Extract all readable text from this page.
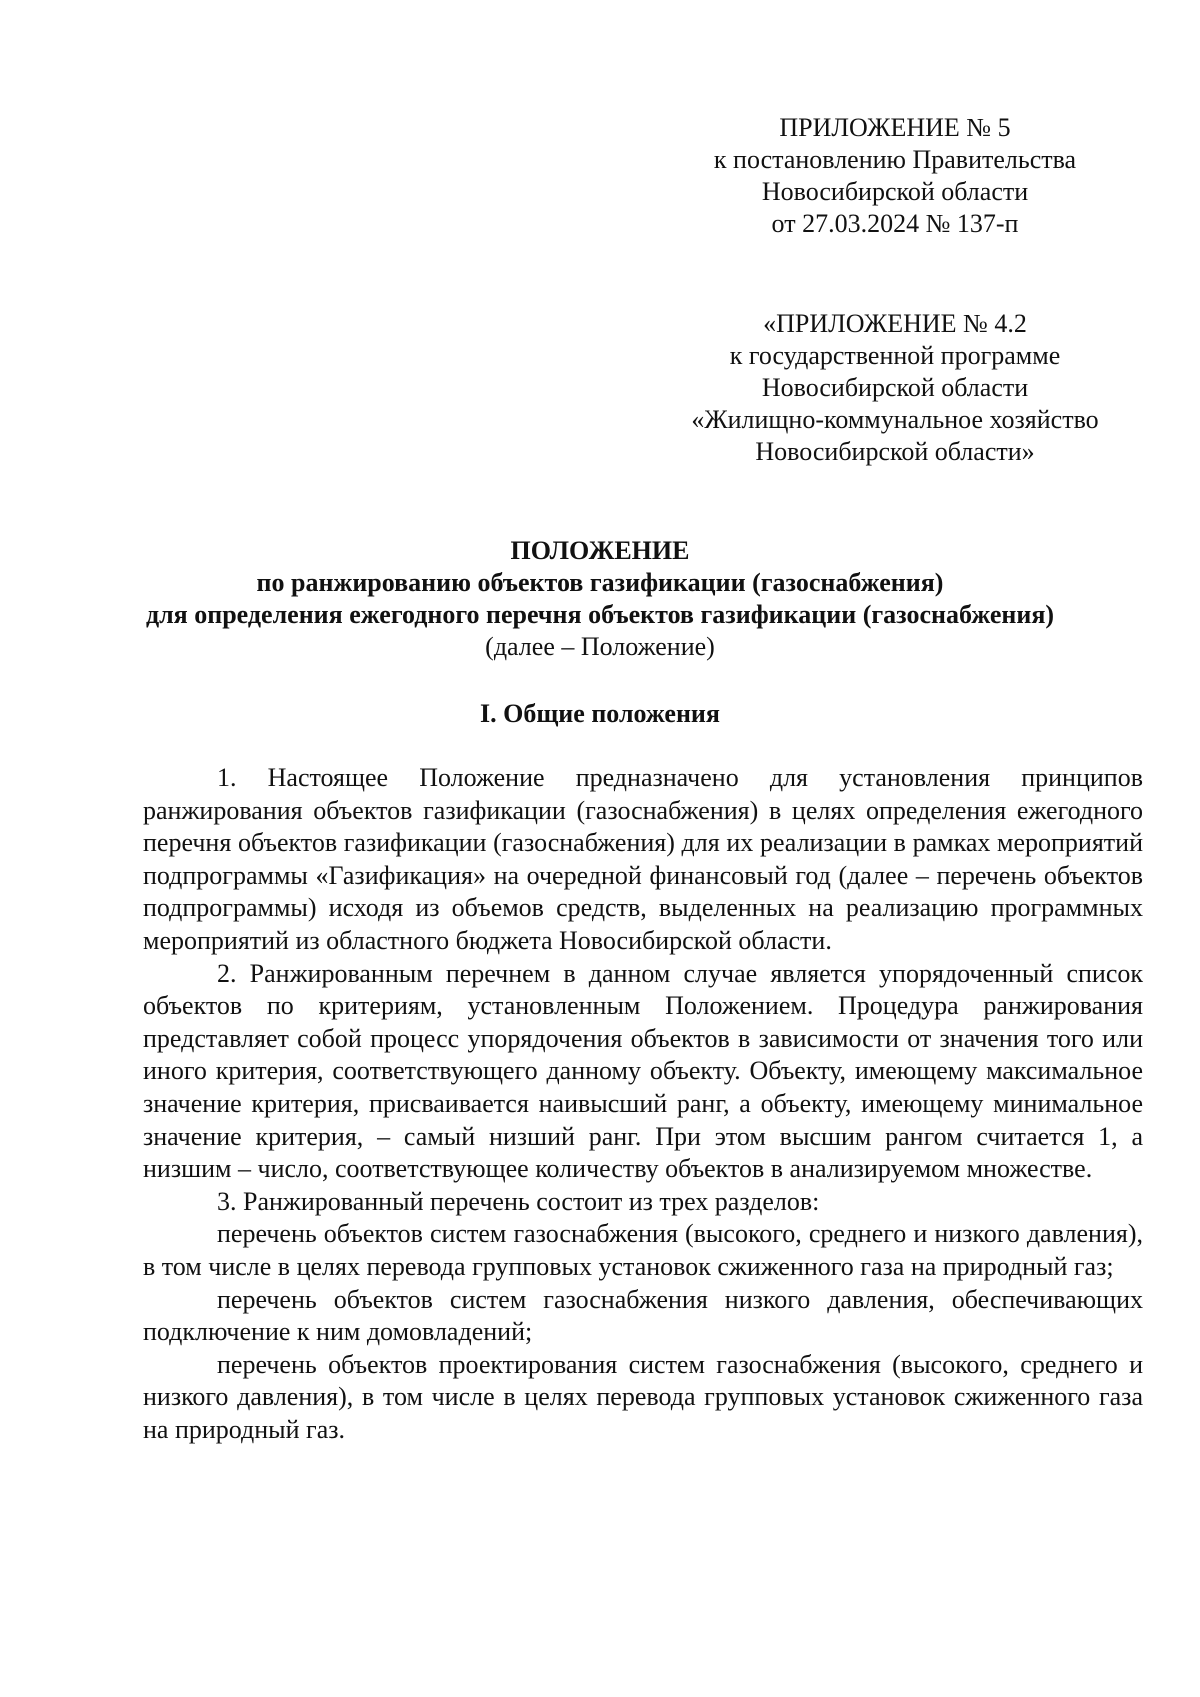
ПРИЛОЖЕНИЕ № 5
к постановлению Правительства
Новосибирской области
от 27.03.2024 № 137-п
«ПРИЛОЖЕНИЕ № 4.2
к государственной программе
Новосибирской области
«Жилищно-коммунальное хозяйство
Новосибирской области»
ПОЛОЖЕНИЕ
по ранжированию объектов газификации (газоснабжения)
для определения ежегодного перечня объектов газификации (газоснабжения)
(далее – Положение)
I. Общие положения

1. Настоящее Положение предназначено для установления принципов ранжирования объектов газификации (газоснабжения) в целях определения ежегодного перечня объектов газификации (газоснабжения) для их реализации в рамках мероприятий подпрограммы «Газификация» на очередной финансовый год (далее – перечень объектов подпрограммы) исходя из объемов средств, выделенных на реализацию программных мероприятий из областного бюджета Новосибирской области.

2. Ранжированным перечнем в данном случае является упорядоченный список объектов по критериям, установленным Положением. Процедура ранжирования представляет собой процесс упорядочения объектов в зависимости от значения того или иного критерия, соответствующего данному объекту. Объекту, имеющему максимальное значение критерия, присваивается наивысший ранг, а объекту, имеющему минимальное значение критерия, – самый низший ранг. При этом высшим рангом считается 1, а низшим – число, соответствующее количеству объектов в анализируемом множестве.

3. Ранжированный перечень состоит из трех разделов:

перечень объектов систем газоснабжения (высокого, среднего и низкого давления), в том числе в целях перевода групповых установок сжиженного газа на природный газ;

перечень объектов систем газоснабжения низкого давления, обеспечивающих подключение к ним домовладений;

перечень объектов проектирования систем газоснабжения (высокого, среднего и низкого давления), в том числе в целях перевода групповых установок сжиженного газа на природный газ.
